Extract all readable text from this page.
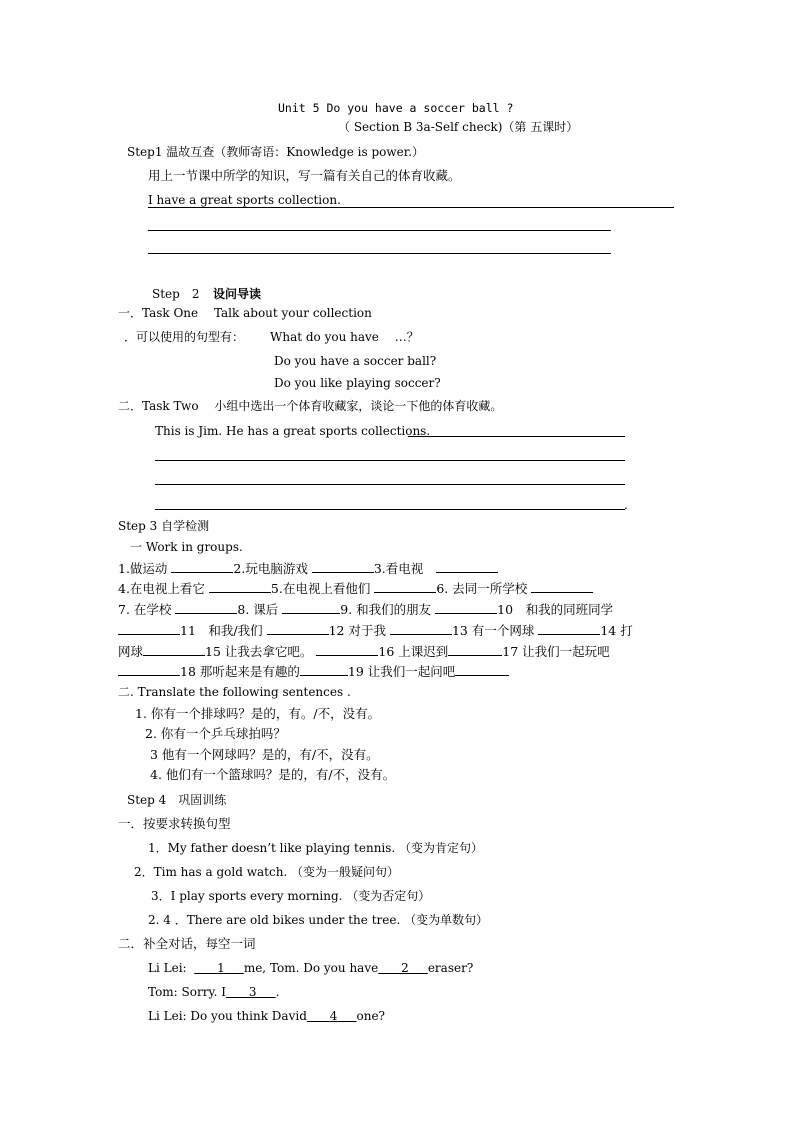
Unit 5 Do you have a soccer ball ?
（ Section B 3a-Self check)（第 五课时）
Step1 温故互查（教师寄语：Knowledge is power.）
用上一节课中所学的知识，写一篇有关自己的体育收藏。
I have a great sports collection.
Step　2 设问导读
一．Task One　 Talk about your collection
．可以使用的句型有： What do you have　 …？
Do you have a soccer ball?
Do you like playing soccer?
二．Task Two　 小组中选出一个体育收藏家，谈论一下他的体育收藏。
This is Jim. He has a great sports collections.
.
Step 3 自学检测
一 Work in groups.
1.做运动	2.玩电脑游戏	3.看电视　
4.在电视上看它	5.在电视上看他们	6. 去同一所学校
7. 在学校	8. 课后	9. 和我们的朋友	10　和我的同班同学
11　和我/我们	12 对于我	13 有一个网球	14 打
网球	15 让我去拿它吧。	16 上课迟到	17 让我们一起玩吧
18 那听起来是有趣的	19 让我们一起问吧
二. Translate the following sentences .
1. 你有一个排球吗？是的，有。/不，没有。
2. 你有一个乒乓球拍吗？
3 他有一个网球吗？是的，有/不，没有。
4. 他们有一个篮球吗？是的，有/不，没有。
Step 4　巩固训练
一．按要求转换句型
1．My father doesn’t like playing tennis. （变为肯定句）
2．Tim has a gold watch. （变为一般疑问句）
3．I play sports every morning. （变为否定句）
2. 4 ．There are old bikes under the tree. （变为单数句）
二．补全对话，每空一词
Li Lei:	1 me, Tom. Do you have 2 eraser?
Tom: Sorry. I 3 .
Li Lei: Do you think David 4 one?
